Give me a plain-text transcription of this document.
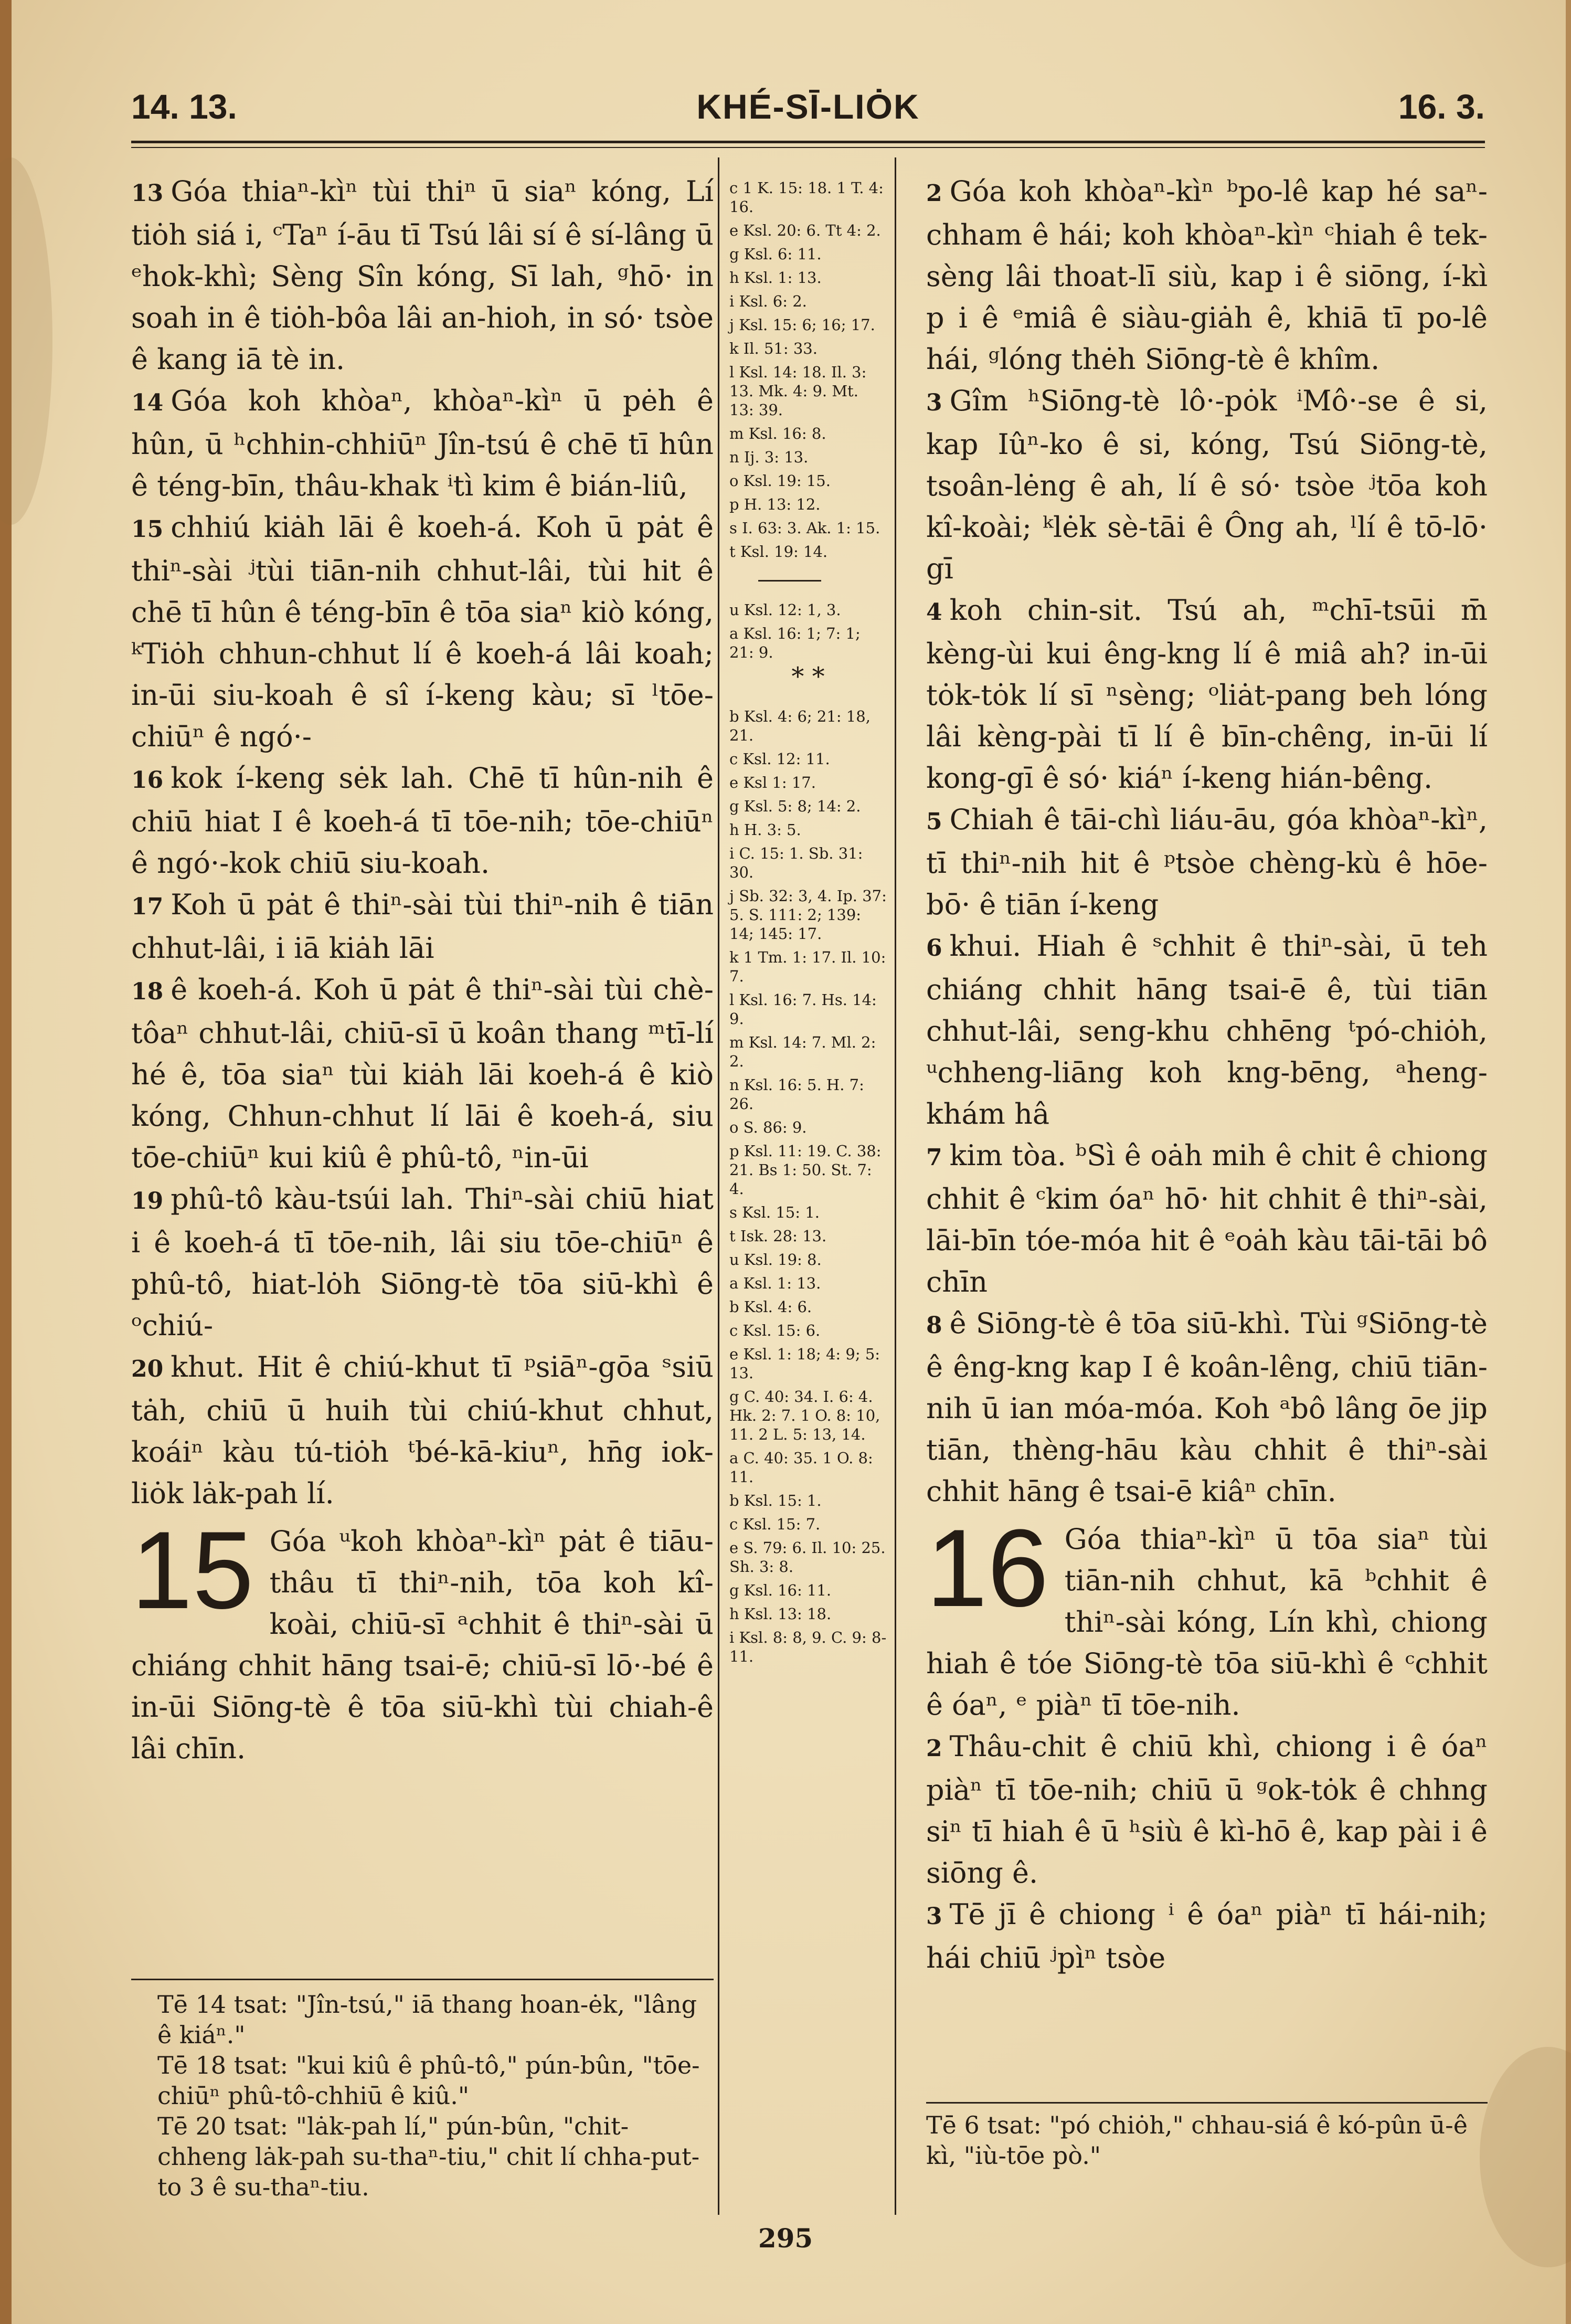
14. 13.	KHÉ-SĪ-LIȮK	16. 3.

13 Góa thiaⁿ-kìⁿ tùi thiⁿ ū siaⁿ kóng, Lí tiȯh siá i, ᶜTaⁿ í-āu tī Tsú lâi sí ê sí-lâng ū ᵉhok-khì; Sèng Sîn kóng, Sī lah, ᵍhō· in soah in ê tiȯh-bôa lâi an-hioh, in só· tsòe ê kang iā tè in.

14 Góa koh khòaⁿ, khòaⁿ-kìⁿ ū pėh ê hûn, ū ʰchhin-chhiūⁿ Jîn-tsú ê chē tī hûn ê téng-bīn, thâu-khak ⁱtì kim ê bián-liû,

15 chhiú kiȧh lāi ê koeh-á. Koh ū pȧt ê thiⁿ-sài ʲtùi tiān-nih chhut-lâi, tùi hit ê chē tī hûn ê téng-bīn ê tōa siaⁿ kiò kóng, ᵏTiȯh chhun-chhut lí ê koeh-á lâi koah; in-ūi siu-koah ê sî í-keng kàu; sī ˡtōe-chiūⁿ ê ngó·-

16 kok í-keng sėk lah. Chē tī hûn-nih ê chiū hiat I ê koeh-á tī tōe-nih; tōe-chiūⁿ ê ngó·-kok chiū siu-koah.

17 Koh ū pȧt ê thiⁿ-sài tùi thiⁿ-nih ê tiān chhut-lâi, i iā kiȧh lāi

18 ê koeh-á. Koh ū pȧt ê thiⁿ-sài tùi chè-tôaⁿ chhut-lâi, chiū-sī ū koân thang ᵐtī-lí hé ê, tōa siaⁿ tùi kiȧh lāi koeh-á ê kiò kóng, Chhun-chhut lí lāi ê koeh-á, siu tōe-chiūⁿ kui kiû ê phû-tô, ⁿin-ūi

19 phû-tô kàu-tsúi lah. Thiⁿ-sài chiū hiat i ê koeh-á tī tōe-nih, lâi siu tōe-chiūⁿ ê phû-tô, hiat-lȯh Siōng-tè tōa siū-khì ê ᵒchiú-

20 khut. Hit ê chiú-khut tī ᵖsiāⁿ-gōa ˢsiū tȧh, chiū ū huih tùi chiú-khut chhut, koáiⁿ kàu tú-tiȯh ᵗbé-kā-kiuⁿ, hn̄g iok-liȯk lȧk-pah lí.

15 Góa ᵘkoh khòaⁿ-kìⁿ pȧt ê tiāu-thâu tī thiⁿ-nih, tōa koh kî-koài, chiū-sī ᵃchhit ê thiⁿ-sài ū chiáng chhit hāng tsai-ē; chiū-sī lō·-bé ê in-ūi Siōng-tè ê tōa siū-khì tùi chiah-ê lâi chīn.

Tē 14 tsat: "Jîn-tsú," iā thang hoan-ėk, "lâng ê kiáⁿ."

Tē 18 tsat: "kui kiû ê phû-tô," pún-bûn, "tōe-chiūⁿ phû-tô-chhiū ê kiû."

Tē 20 tsat: "lȧk-pah lí," pún-bûn, "chit-chheng lȧk-pah su-thaⁿ-tiu," chit lí chha-put-to 3 ê su-thaⁿ-tiu.

c 1 K. 15: 18. 1 T. 4: 16.

e Ksl. 20: 6. Tt 4: 2.

g Ksl. 6: 11.

h Ksl. 1: 13.

i Ksl. 6: 2.

j Ksl. 15: 6; 16; 17.

k Il. 51: 33.

l Ksl. 14: 18. Il. 3: 13. Mk. 4: 9. Mt. 13: 39.

m Ksl. 16: 8.

n Ij. 3: 13.

o Ksl. 19: 15.

p H. 13: 12.

s I. 63: 3. Ak. 1: 15.

t Ksl. 19: 14.

u Ksl. 12: 1, 3.

a Ksl. 16: 1; 7: 1; 21: 9.

* *

b Ksl. 4: 6; 21: 18, 21.

c Ksl. 12: 11.

e Ksl 1: 17.

g Ksl. 5: 8; 14: 2.

h H. 3: 5.

i C. 15: 1. Sb. 31: 30.

j Sb. 32: 3, 4. Ip. 37: 5. S. 111: 2; 139: 14; 145: 17.

k 1 Tm. 1: 17. Il. 10: 7.

l Ksl. 16: 7. Hs. 14: 9.

m Ksl. 14: 7. Ml. 2: 2.

n Ksl. 16: 5. H. 7: 26.

o S. 86: 9.

p Ksl. 11: 19. C. 38: 21. Bs 1: 50. St. 7: 4.

s Ksl. 15: 1.

t Isk. 28: 13.

u Ksl. 19: 8.

a Ksl. 1: 13.

b Ksl. 4: 6.

c Ksl. 15: 6.

e Ksl. 1: 18; 4: 9; 5: 13.

g C. 40: 34. I. 6: 4. Hk. 2: 7. 1 O. 8: 10, 11. 2 L. 5: 13, 14.

a C. 40: 35. 1 O. 8: 11.

b Ksl. 15: 1.

c Ksl. 15: 7.

e S. 79: 6. Il. 10: 25. Sh. 3: 8.

g Ksl. 16: 11.

h Ksl. 13: 18.

i Ksl. 8: 8, 9. C. 9: 8-11.

2 Góa koh khòaⁿ-kìⁿ ᵇpo-lê kap hé saⁿ-chham ê hái; koh khòaⁿ-kìⁿ ᶜhiah ê tek-sèng lâi thoat-lī siù, kap i ê siōng, í-kì p i ê ᵉmiâ ê siàu-giȧh ê, khiā tī po-lê hái, ᵍlóng thėh Siōng-tè ê khîm.

3 Gîm ʰSiōng-tè lô·-pȯk ⁱMô·-se ê si, kap Iûⁿ-ko ê si, kóng, Tsú Siōng-tè, tsoân-lėng ê ah, lí ê só· tsòe ʲtōa koh kî-koài; ᵏlėk sè-tāi ê Ông ah, ˡlí ê tō-lō· gī

4 koh chin-sit. Tsú ah, ᵐchī-tsūi m̄ kèng-ùi kui êng-kng lí ê miâ ah? in-ūi tȯk-tȯk lí sī ⁿsèng; ᵒliȧt-pang beh lóng lâi kèng-pài tī lí ê bīn-chêng, in-ūi lí kong-gī ê só· kiáⁿ í-keng hián-bêng.

5 Chiah ê tāi-chì liáu-āu, góa khòaⁿ-kìⁿ, tī thiⁿ-nih hit ê ᵖtsòe chèng-kù ê hōe-bō· ê tiān í-keng

6 khui. Hiah ê ˢchhit ê thiⁿ-sài, ū teh chiáng chhit hāng tsai-ē ê, tùi tiān chhut-lâi, seng-khu chhēng ᵗpó-chiȯh, ᵘchheng-liāng koh kng-bēng, ᵃheng-khám hâ

7 kim tòa. ᵇSì ê oȧh mih ê chit ê chiong chhit ê ᶜkim óaⁿ hō· hit chhit ê thiⁿ-sài, lāi-bīn tóe-móa hit ê ᵉoȧh kàu tāi-tāi bô chīn

8 ê Siōng-tè ê tōa siū-khì. Tùi ᵍSiōng-tè ê êng-kng kap I ê koân-lêng, chiū tiān-nih ū ian móa-móa. Koh ᵃbô lâng ōe jip tiān, thèng-hāu kàu chhit ê thiⁿ-sài chhit hāng ê tsai-ē kiâⁿ chīn.

16 Góa thiaⁿ-kìⁿ ū tōa siaⁿ tùi tiān-nih chhut, kā ᵇchhit ê thiⁿ-sài kóng, Lín khì, chiong hiah ê tóe Siōng-tè tōa siū-khì ê ᶜchhit ê óaⁿ, ᵉ piàⁿ tī tōe-nih.

2 Thâu-chit ê chiū khì, chiong i ê óaⁿ piàⁿ tī tōe-nih; chiū ū ᵍok-tȯk ê chhng siⁿ tī hiah ê ū ʰsiù ê kì-hō ê, kap pài i ê siōng ê.

3 Tē jī ê chiong ⁱ ê óaⁿ piàⁿ tī hái-nih; hái chiū ʲpìⁿ tsòe

Tē 6 tsat: "pó chiȯh," chhau-siá ê kó-pûn ū-ê kì, "iù-tōe pò."

295
